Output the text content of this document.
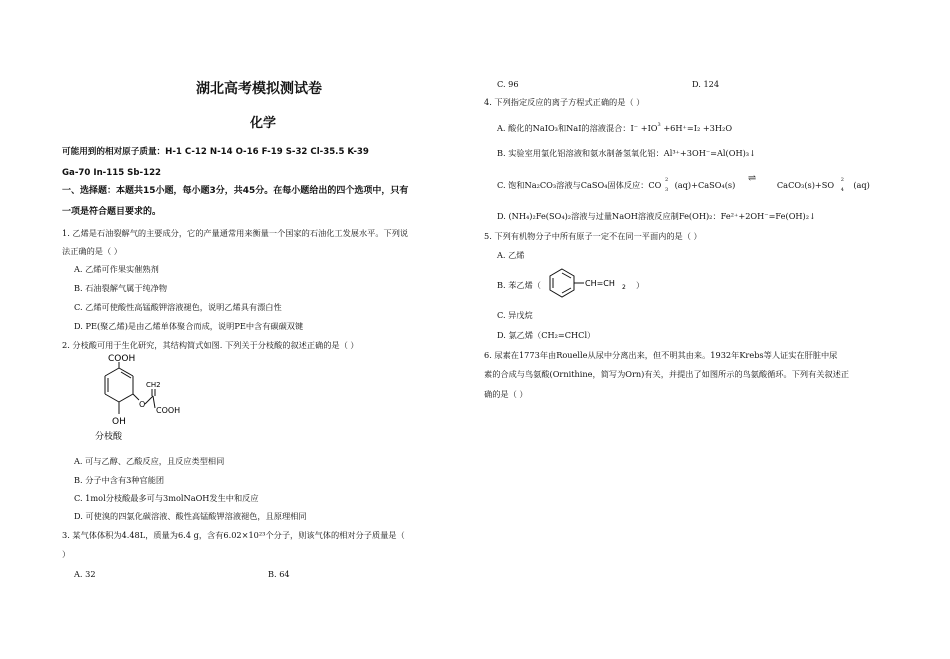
湖北高考模拟测试卷
化学
可能用到的相对原子质量：H-1 C-12 N-14 O-16 F-19 S-32 Cl-35.5 K-39
Ga-70 In-115 Sb-122
一、选择题：本题共15小题，每小题3分，共45分。在每小题给出的四个选项中，只有
一项是符合题目要求的。
1. 乙烯是石油裂解气的主要成分，它的产量通常用来衡量一个国家的石油化工发展水平。下列说
法正确的是（ ）
A. 乙烯可作果实催熟剂
B. 石油裂解气属于纯净物
C. 乙烯可使酸性高锰酸钾溶液褪色，说明乙烯具有漂白性
D. PE(聚乙烯)是由乙烯单体聚合而成，说明PE中含有碳碳双键
2. 分枝酸可用于生化研究，其结构简式如图. 下列关于分枝酸的叙述正确的是（ ）
COOH
CH2
O
COOH
OH
分枝酸
A. 可与乙醇、乙酸反应，且反应类型相同
B. 分子中含有3种官能团
C. 1mol分枝酸最多可与3molNaOH发生中和反应
D. 可使溴的四氯化碳溶液、酸性高锰酸钾溶液褪色，且原理相同
3. 某气体体积为4.48L，质量为6.4 g，含有6.02×10²³个分子，则该气体的相对分子质量是（
）
A. 32	B. 64
C. 96	D. 124
4. 下列指定反应的离子方程式正确的是（ ）
A. 酸化的NaIO₃和NaI的溶液混合：$I^- +IO^3 +6H^+=I_2 +3H_2O$
B. 实验室用氯化铝溶液和氨水制备氢氧化铝：Al³⁺+3OH⁻=Al(OH)₃↓
C. 饱和Na₂CO₃溶液与CaSO₄固体反应：CO 2
3 (aq)+CaSO₄(s) ⇌ CaCO₃(s)+SO 2
4 (aq)
D. (NH₄)₂Fe(SO₄)₂溶液与过量NaOH溶液反应制Fe(OH)₂：Fe²⁺+2OH⁻=Fe(OH)₂↓
5. 下列有机物分子中所有原子一定不在同一平面内的是（ ）
A. 乙烯
B. 苯乙烯（	CH=CH 2 ）
C. 异戊烷
D. 氯乙烯（CH₂=CHCl）
6. 尿素在1773年由Rouelle从尿中分离出来，但不明其由来。1932年Krebs等人证实在肝脏中尿
素的合成与鸟氨酸(Ornithine，简写为Orn)有关，并提出了如图所示的鸟氨酸循环。下列有关叙述正
确的是（ ）
